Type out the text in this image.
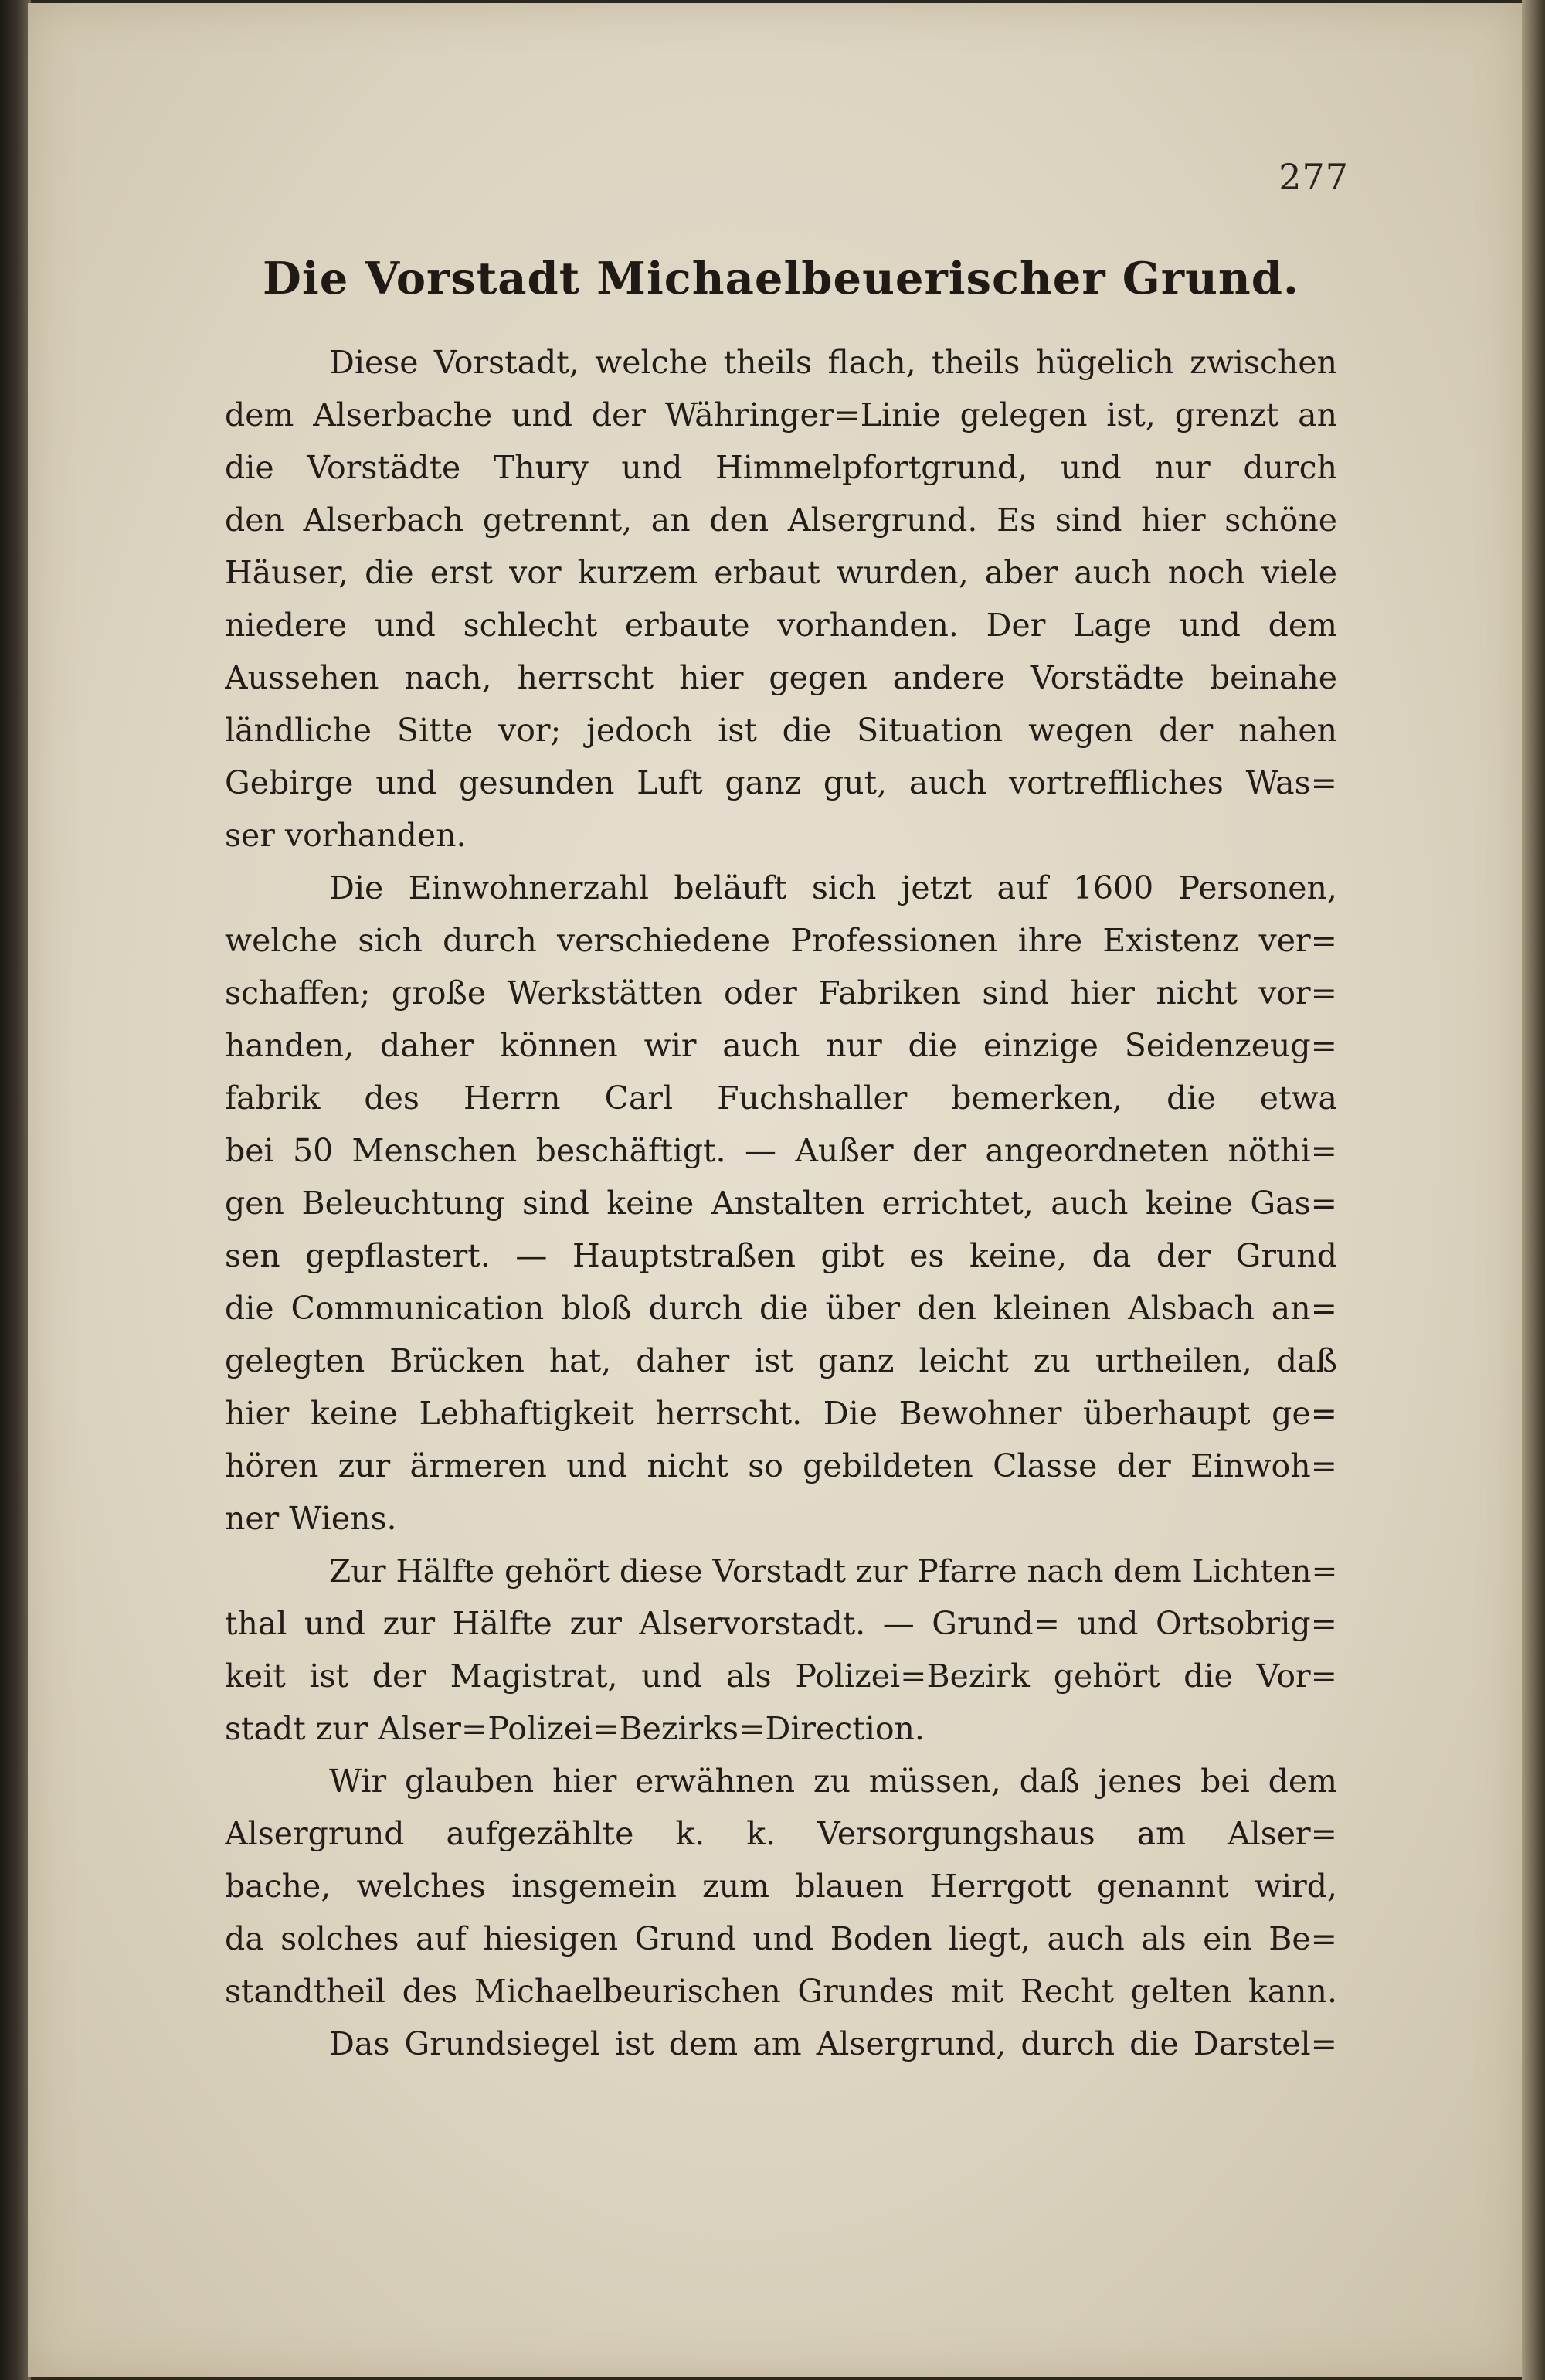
277
Die Vorstadt Michaelbeuerischer Grund.
Diese Vorstadt, welche theils flach, theils hügelich zwischen
dem Alserbache und der Währinger=Linie gelegen ist, grenzt an
die Vorstädte Thury und Himmelpfortgrund, und nur durch
den Alserbach getrennt, an den Alsergrund. Es sind hier schöne
Häuser, die erst vor kurzem erbaut wurden, aber auch noch viele
niedere und schlecht erbaute vorhanden. Der Lage und dem
Aussehen nach, herrscht hier gegen andere Vorstädte beinahe
ländliche Sitte vor; jedoch ist die Situation wegen der nahen
Gebirge und gesunden Luft ganz gut, auch vortreffliches Was=
ser vorhanden.
Die Einwohnerzahl beläuft sich jetzt auf 1600 Personen,
welche sich durch verschiedene Professionen ihre Existenz ver=
schaffen; große Werkstätten oder Fabriken sind hier nicht vor=
handen, daher können wir auch nur die einzige Seidenzeug=
fabrik des Herrn Carl Fuchshaller bemerken, die etwa
bei 50 Menschen beschäftigt. — Außer der angeordneten nöthi=
gen Beleuchtung sind keine Anstalten errichtet, auch keine Gas=
sen gepflastert. — Hauptstraßen gibt es keine, da der Grund
die Communication bloß durch die über den kleinen Alsbach an=
gelegten Brücken hat, daher ist ganz leicht zu urtheilen, daß
hier keine Lebhaftigkeit herrscht. Die Bewohner überhaupt ge=
hören zur ärmeren und nicht so gebildeten Classe der Einwoh=
ner Wiens.
Zur Hälfte gehört diese Vorstadt zur Pfarre nach dem Lichten=
thal und zur Hälfte zur Alservorstadt. — Grund= und Ortsobrig=
keit ist der Magistrat, und als Polizei=Bezirk gehört die Vor=
stadt zur Alser=Polizei=Bezirks=Direction.
Wir glauben hier erwähnen zu müssen, daß jenes bei dem
Alsergrund aufgezählte k. k. Versorgungshaus am Alser=
bache, welches insgemein zum blauen Herrgott genannt wird,
da solches auf hiesigen Grund und Boden liegt, auch als ein Be=
standtheil des Michaelbeurischen Grundes mit Recht gelten kann.
Das Grundsiegel ist dem am Alsergrund, durch die Darstel=
